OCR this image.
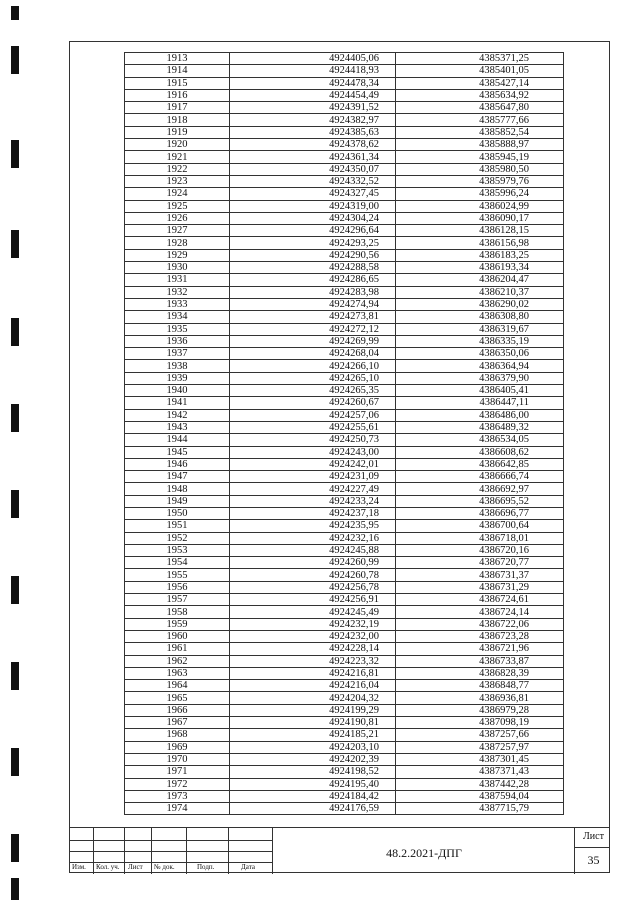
1913	4924405,06	4385371,25
1914	4924418,93	4385401,05
1915	4924478,34	4385427,14
1916	4924454,49	4385634,92
1917	4924391,52	4385647,80
1918	4924382,97	4385777,66
1919	4924385,63	4385852,54
1920	4924378,62	4385888,97
1921	4924361,34	4385945,19
1922	4924350,07	4385980,50
1923	4924332,52	4385979,76
1924	4924327,45	4385996,24
1925	4924319,00	4386024,99
1926	4924304,24	4386090,17
1927	4924296,64	4386128,15
1928	4924293,25	4386156,98
1929	4924290,56	4386183,25
1930	4924288,58	4386193,34
1931	4924286,65	4386204,47
1932	4924283,98	4386210,37
1933	4924274,94	4386290,02
1934	4924273,81	4386308,80
1935	4924272,12	4386319,67
1936	4924269,99	4386335,19
1937	4924268,04	4386350,06
1938	4924266,10	4386364,94
1939	4924265,10	4386379,90
1940	4924265,35	4386405,41
1941	4924260,67	4386447,11
1942	4924257,06	4386486,00
1943	4924255,61	4386489,32
1944	4924250,73	4386534,05
1945	4924243,00	4386608,62
1946	4924242,01	4386642,85
1947	4924231,09	4386666,74
1948	4924227,49	4386692,97
1949	4924233,24	4386695,52
1950	4924237,18	4386696,77
1951	4924235,95	4386700,64
1952	4924232,16	4386718,01
1953	4924245,88	4386720,16
1954	4924260,99	4386720,77
1955	4924260,78	4386731,37
1956	4924256,78	4386731,29
1957	4924256,91	4386724,61
1958	4924245,49	4386724,14
1959	4924232,19	4386722,06
1960	4924232,00	4386723,28
1961	4924228,14	4386721,96
1962	4924223,32	4386733,87
1963	4924216,81	4386828,39
1964	4924216,04	4386848,77
1965	4924204,32	4386936,81
1966	4924199,29	4386979,28
1967	4924190,81	4387098,19
1968	4924185,21	4387257,66
1969	4924203,10	4387257,97
1970	4924202,39	4387301,45
1971	4924198,52	4387371,43
1972	4924195,40	4387442,28
1973	4924184,42	4387594,04
1974	4924176,59	4387715,79
Изм. Кол. уч. Лист № док.	Подп.	Дата
48.2.2021-ДПГ
Лист
35
